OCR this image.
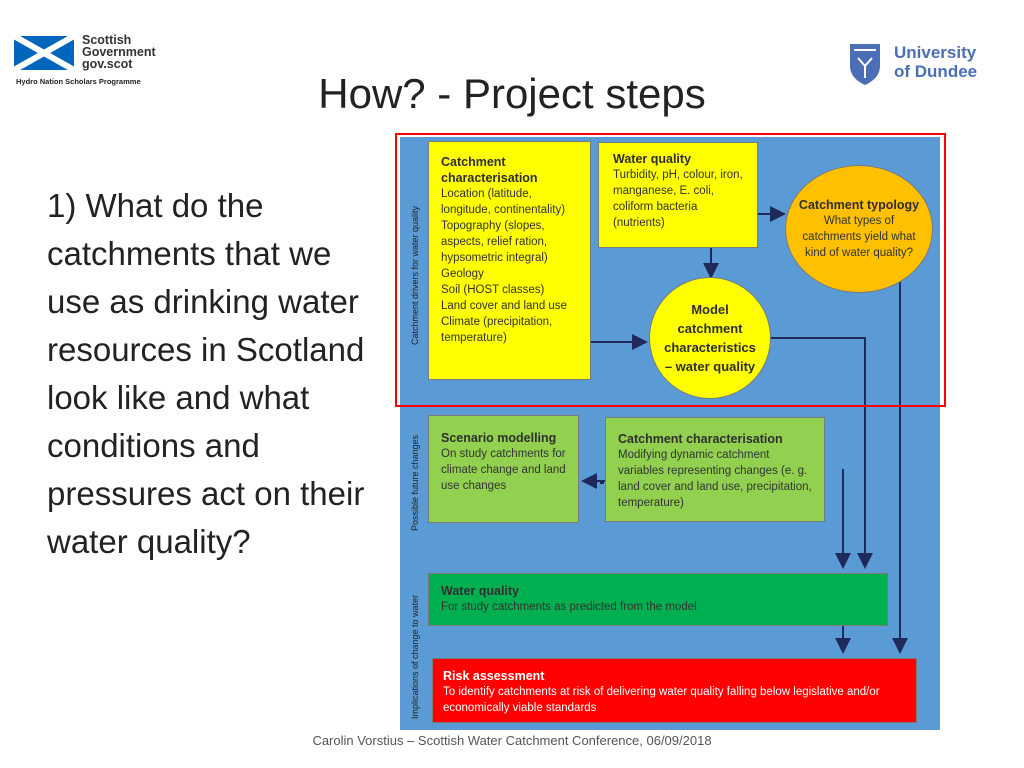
Scottish
Government
gov.scot
Hydro Nation Scholars Programme
University
of Dundee
How? - Project steps
1) What do the catchments that we use as drinking water resources in Scotland look like and what conditions and pressures act on their water quality?
Catchment drivers for water quality
Possible future changes
Implications of change to water
Catchment characterisation
Location (latitude, longitude, continentality)
Topography (slopes, aspects, relief ration, hypsometric integral)
Geology
Soil (HOST classes)
Land cover and land use
Climate (precipitation, temperature)
Water quality
Turbidity, pH, colour, iron, manganese, E. coli, coliform bacteria (nutrients)
Catchment typology
What types of catchments yield what kind of water quality?
Model catchment characteristics – water quality
Scenario modelling
On study catchments for climate change and land use changes
Catchment characterisation
Modifying dynamic catchment variables representing changes (e. g. land cover and land use, precipitation, temperature)
Water quality
For study catchments as predicted from the model
Risk assessment
To identify catchments at risk of delivering water quality falling below legislative and/or economically viable standards
Carolin Vorstius – Scottish Water Catchment Conference, 06/09/2018
